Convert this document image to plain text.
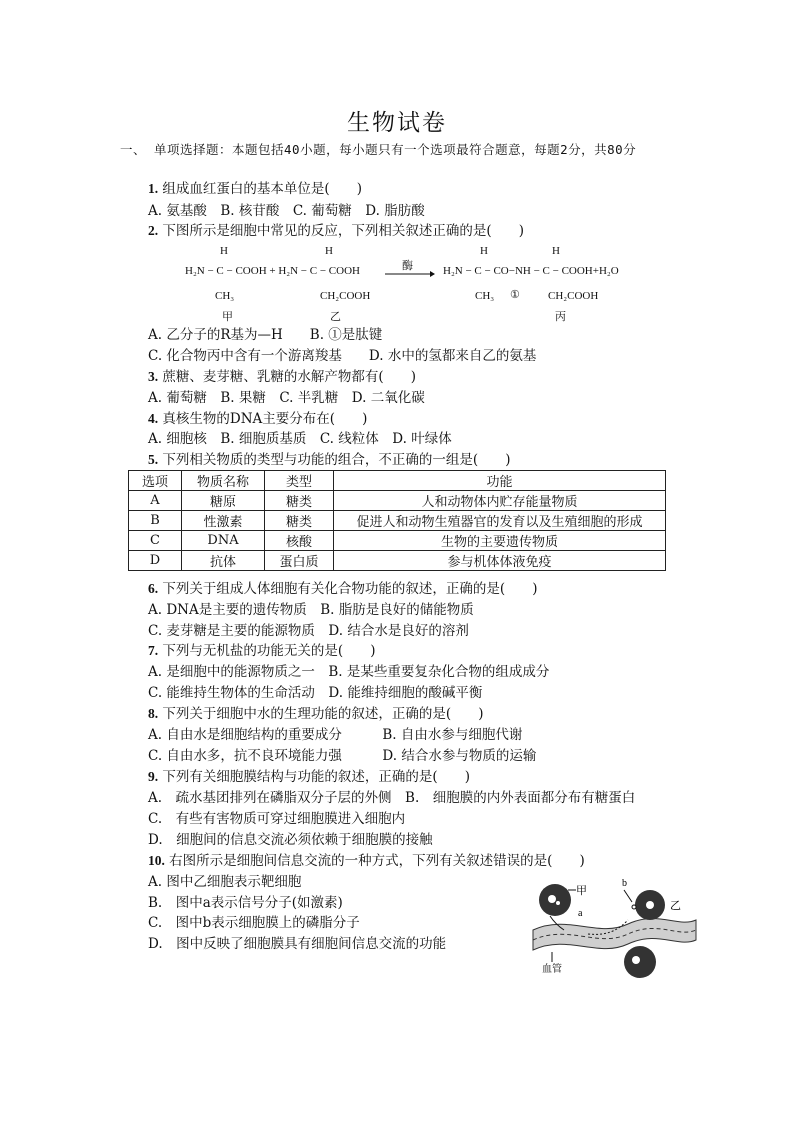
生物试卷
一、 单项选择题：本题包括40小题，每小题只有一个选项最符合题意，每题2分，共80分
1. 组成血红蛋白的基本单位是(　　)
A. 氨基酸　B. 核苷酸　C. 葡萄糖　D. 脂肪酸
2. 下图所示是细胞中常见的反应，下列相关叙述正确的是(　　)
H	H	H	H
H₂N − C − COOH + H₂N − C − COOH	酶 → H₂N − C − CO−NH − C − COOH+H₂O
CH₃	CH₂COOH	CH₃ ①	CH₂COOH
甲	乙	丙
A. 乙分子的R基为—H　　B. ①是肽键
C. 化合物丙中含有一个游离羧基　　D. 水中的氢都来自乙的氨基
3. 蔗糖、麦芽糖、乳糖的水解产物都有(　　)
A. 葡萄糖　B. 果糖　C. 半乳糖　D. 二氧化碳
4. 真核生物的DNA主要分布在(　　)
A. 细胞核　B. 细胞质基质　C. 线粒体　D. 叶绿体
5. 下列相关物质的类型与功能的组合，不正确的一组是(　　)
选项	物质名称	类型	功能
A	糖原	糖类	人和动物体内贮存能量物质
B	性激素	糖类	促进人和动物生殖器官的发育以及生殖细胞的形成
C	DNA	核酸	生物的主要遗传物质
D	抗体	蛋白质	参与机体体液免疫
6. 下列关于组成人体细胞有关化合物功能的叙述，正确的是(　　)
A. DNA是主要的遗传物质　B. 脂肪是良好的储能物质
C. 麦芽糖是主要的能源物质　D. 结合水是良好的溶剂
7. 下列与无机盐的功能无关的是(　　)
A. 是细胞中的能源物质之一　B. 是某些重要复杂化合物的组成成分
C. 能维持生物体的生命活动　D. 能维持细胞的酸碱平衡
8. 下列关于细胞中水的生理功能的叙述，正确的是(　　)
A. 自由水是细胞结构的重要成分　　　B. 自由水参与细胞代谢
C. 自由水多，抗不良环境能力强　　　D. 结合水参与物质的运输
9. 下列有关细胞膜结构与功能的叙述，正确的是(　　)
A.　疏水基团排列在磷脂双分子层的外侧　B.　细胞膜的内外表面都分布有糖蛋白
C.　有些有害物质可穿过细胞膜进入细胞内
D.　细胞间的信息交流必须依赖于细胞膜的接触
10. 右图所示是细胞间信息交流的一种方式，下列有关叙述错误的是(　　)
A. 图中乙细胞表示靶细胞
B.　图中a表示信号分子(如激素)
C.　图中b表示细胞膜上的磷脂分子
D.　图中反映了细胞膜具有细胞间信息交流的功能
甲
乙
a
b
血管
